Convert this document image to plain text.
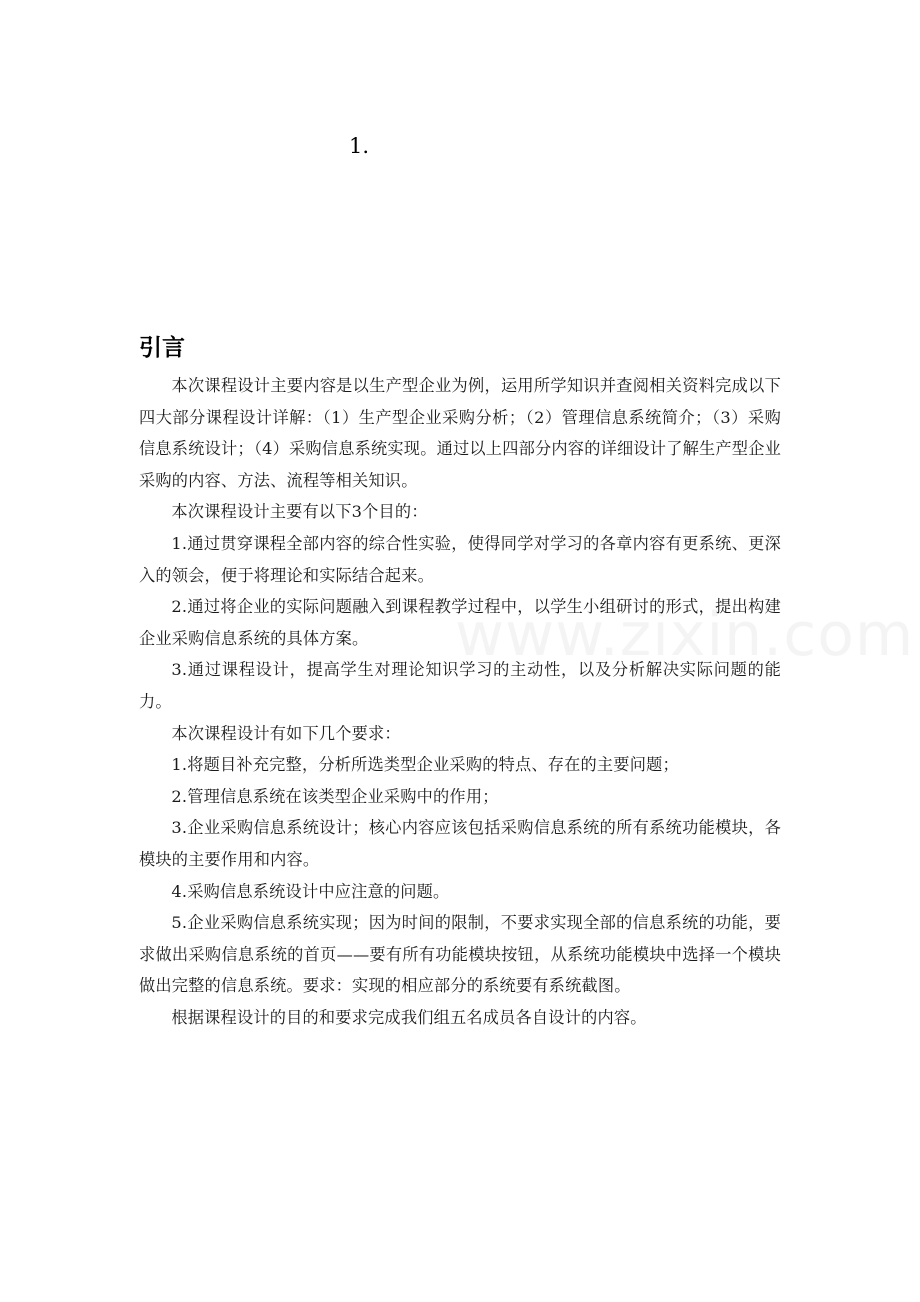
1.
引言

本次课程设计主要内容是以生产型企业为例，运用所学知识并查阅相关资料完成以下四大部分课程设计详解：（1）生产型企业采购分析；（2）管理信息系统简介；（3）采购信息系统设计；（4）采购信息系统实现。通过以上四部分内容的详细设计了解生产型企业采购的内容、方法、流程等相关知识。

本次课程设计主要有以下3个目的：

1.通过贯穿课程全部内容的综合性实验，使得同学对学习的各章内容有更系统、更深入的领会，便于将理论和实际结合起来。

2.通过将企业的实际问题融入到课程教学过程中，以学生小组研讨的形式，提出构建企业采购信息系统的具体方案。

3.通过课程设计，提高学生对理论知识学习的主动性，以及分析解决实际问题的能力。

本次课程设计有如下几个要求：

1.将题目补充完整，分析所选类型企业采购的特点、存在的主要问题；

2.管理信息系统在该类型企业采购中的作用；

3.企业采购信息系统设计；核心内容应该包括采购信息系统的所有系统功能模块，各模块的主要作用和内容。

4.采购信息系统设计中应注意的问题。

5.企业采购信息系统实现；因为时间的限制，不要求实现全部的信息系统的功能，要求做出采购信息系统的首页——要有所有功能模块按钮，从系统功能模块中选择一个模块做出完整的信息系统。要求：实现的相应部分的系统要有系统截图。

根据课程设计的目的和要求完成我们组五名成员各自设计的内容。
